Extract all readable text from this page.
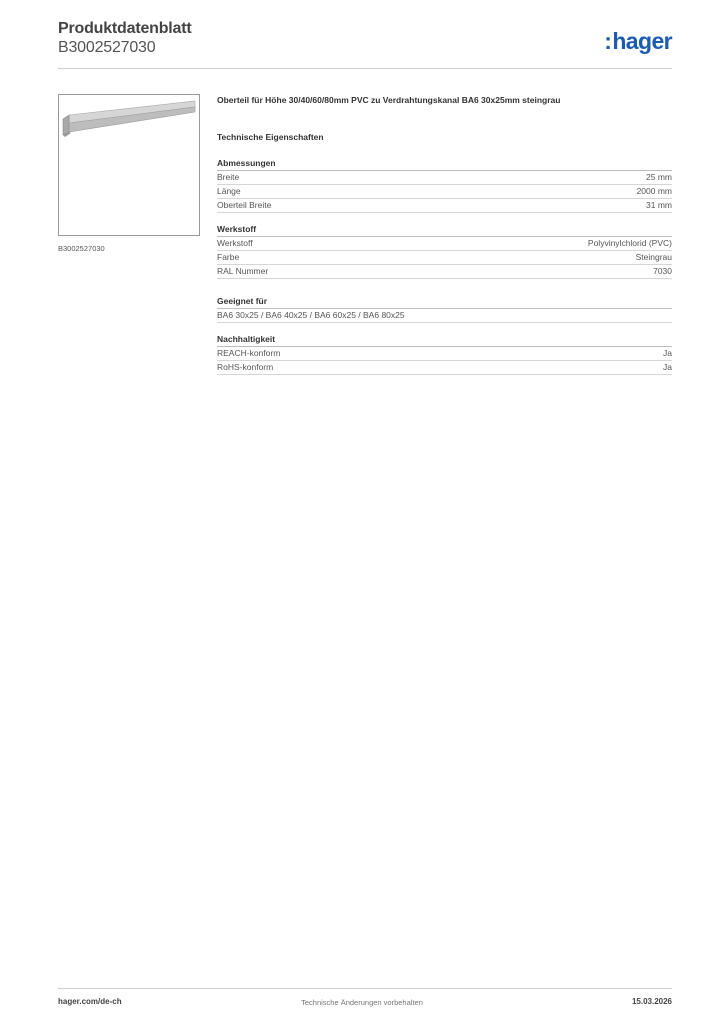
Produktdatenblatt
B3002527030	:hager
B3002527030
Oberteil für Höhe 30/40/60/80mm PVC zu Verdrahtungskanal BA6 30x25mm steingrau
Technische Eigenschaften
Abmessungen
Breite	25 mm
Länge	2000 mm
Oberteil Breite	31 mm
Werkstoff
Werkstoff	Polyvinylchlorid (PVC)
Farbe	Steingrau
RAL Nummer	7030
Geeignet für
BA6 30x25 / BA6 40x25 / BA6 60x25 / BA6 80x25
Nachhaltigkeit
REACH-konform	Ja
RoHS-konform	Ja
hager.com/de-ch	Technische Änderungen vorbehalten	15.03.2026
